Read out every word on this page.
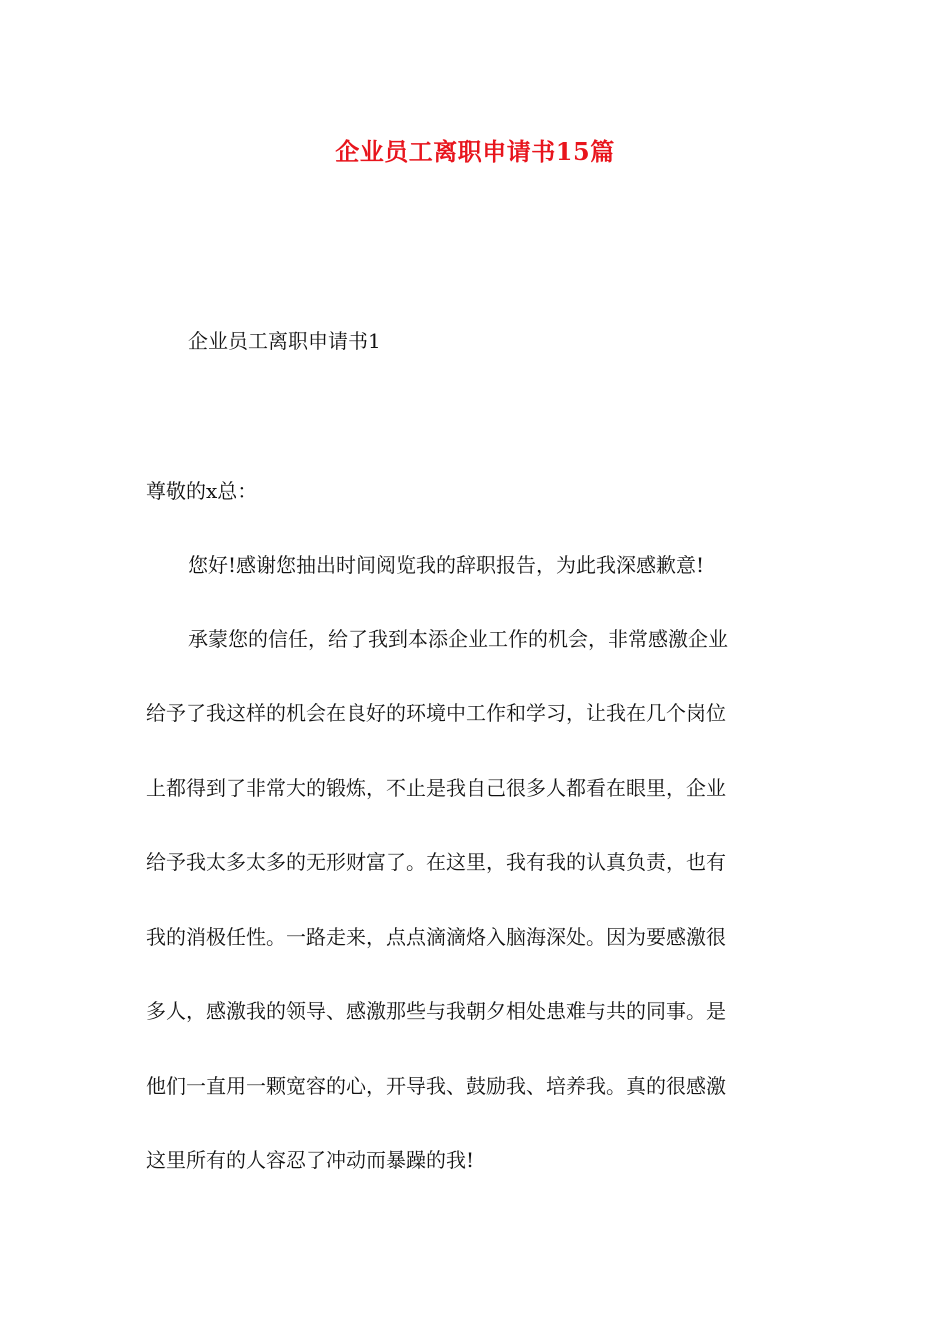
企业员工离职申请书15篇
企业员工离职申请书1
尊敬的x总：
您好!感谢您抽出时间阅览我的辞职报告，为此我深感歉意!
承蒙您的信任，给了我到本添企业工作的机会，非常感激企业
给予了我这样的机会在良好的环境中工作和学习，让我在几个岗位
上都得到了非常大的锻炼，不止是我自己很多人都看在眼里，企业
给予我太多太多的无形财富了。在这里，我有我的认真负责，也有
我的消极任性。一路走来，点点滴滴烙入脑海深处。因为要感激很
多人，感激我的领导、感激那些与我朝夕相处患难与共的同事。是
他们一直用一颗宽容的心，开导我、鼓励我、培养我。真的很感激
这里所有的人容忍了冲动而暴躁的我!
